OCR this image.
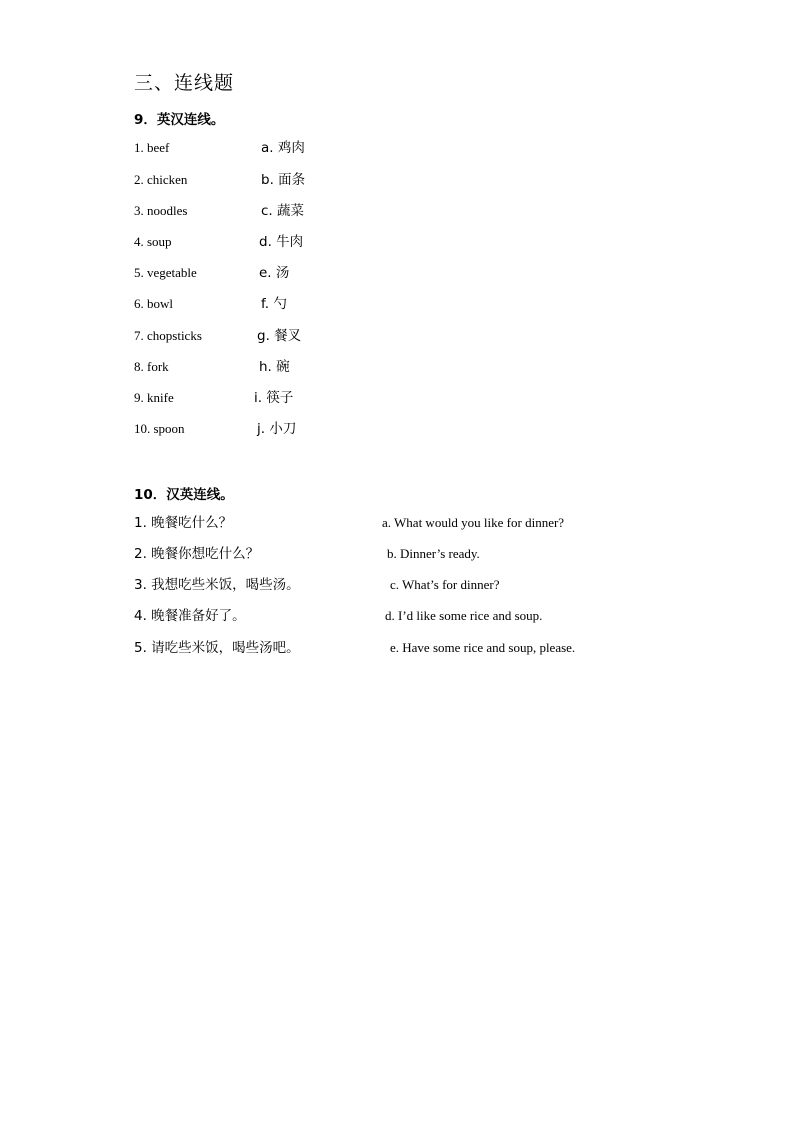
三、连线题
9．英汉连线。
1. beef	a. 鸡肉
2. chicken	b. 面条
3. noodles	c. 蔬菜
4. soup	d. 牛肉
5. vegetable	e. 汤
6. bowl	f. 勺
7. chopsticks	g. 餐叉
8. fork	h. 碗
9. knife	i. 筷子
10. spoon	j. 小刀
10．汉英连线。
1. 晚餐吃什么？	a. What would you like for dinner?
2. 晚餐你想吃什么？	b. Dinner’s ready.
3. 我想吃些米饭，喝些汤。	c. What’s for dinner?
4. 晚餐准备好了。	d. I’d like some rice and soup.
5. 请吃些米饭，喝些汤吧。	e. Have some rice and soup, please.
